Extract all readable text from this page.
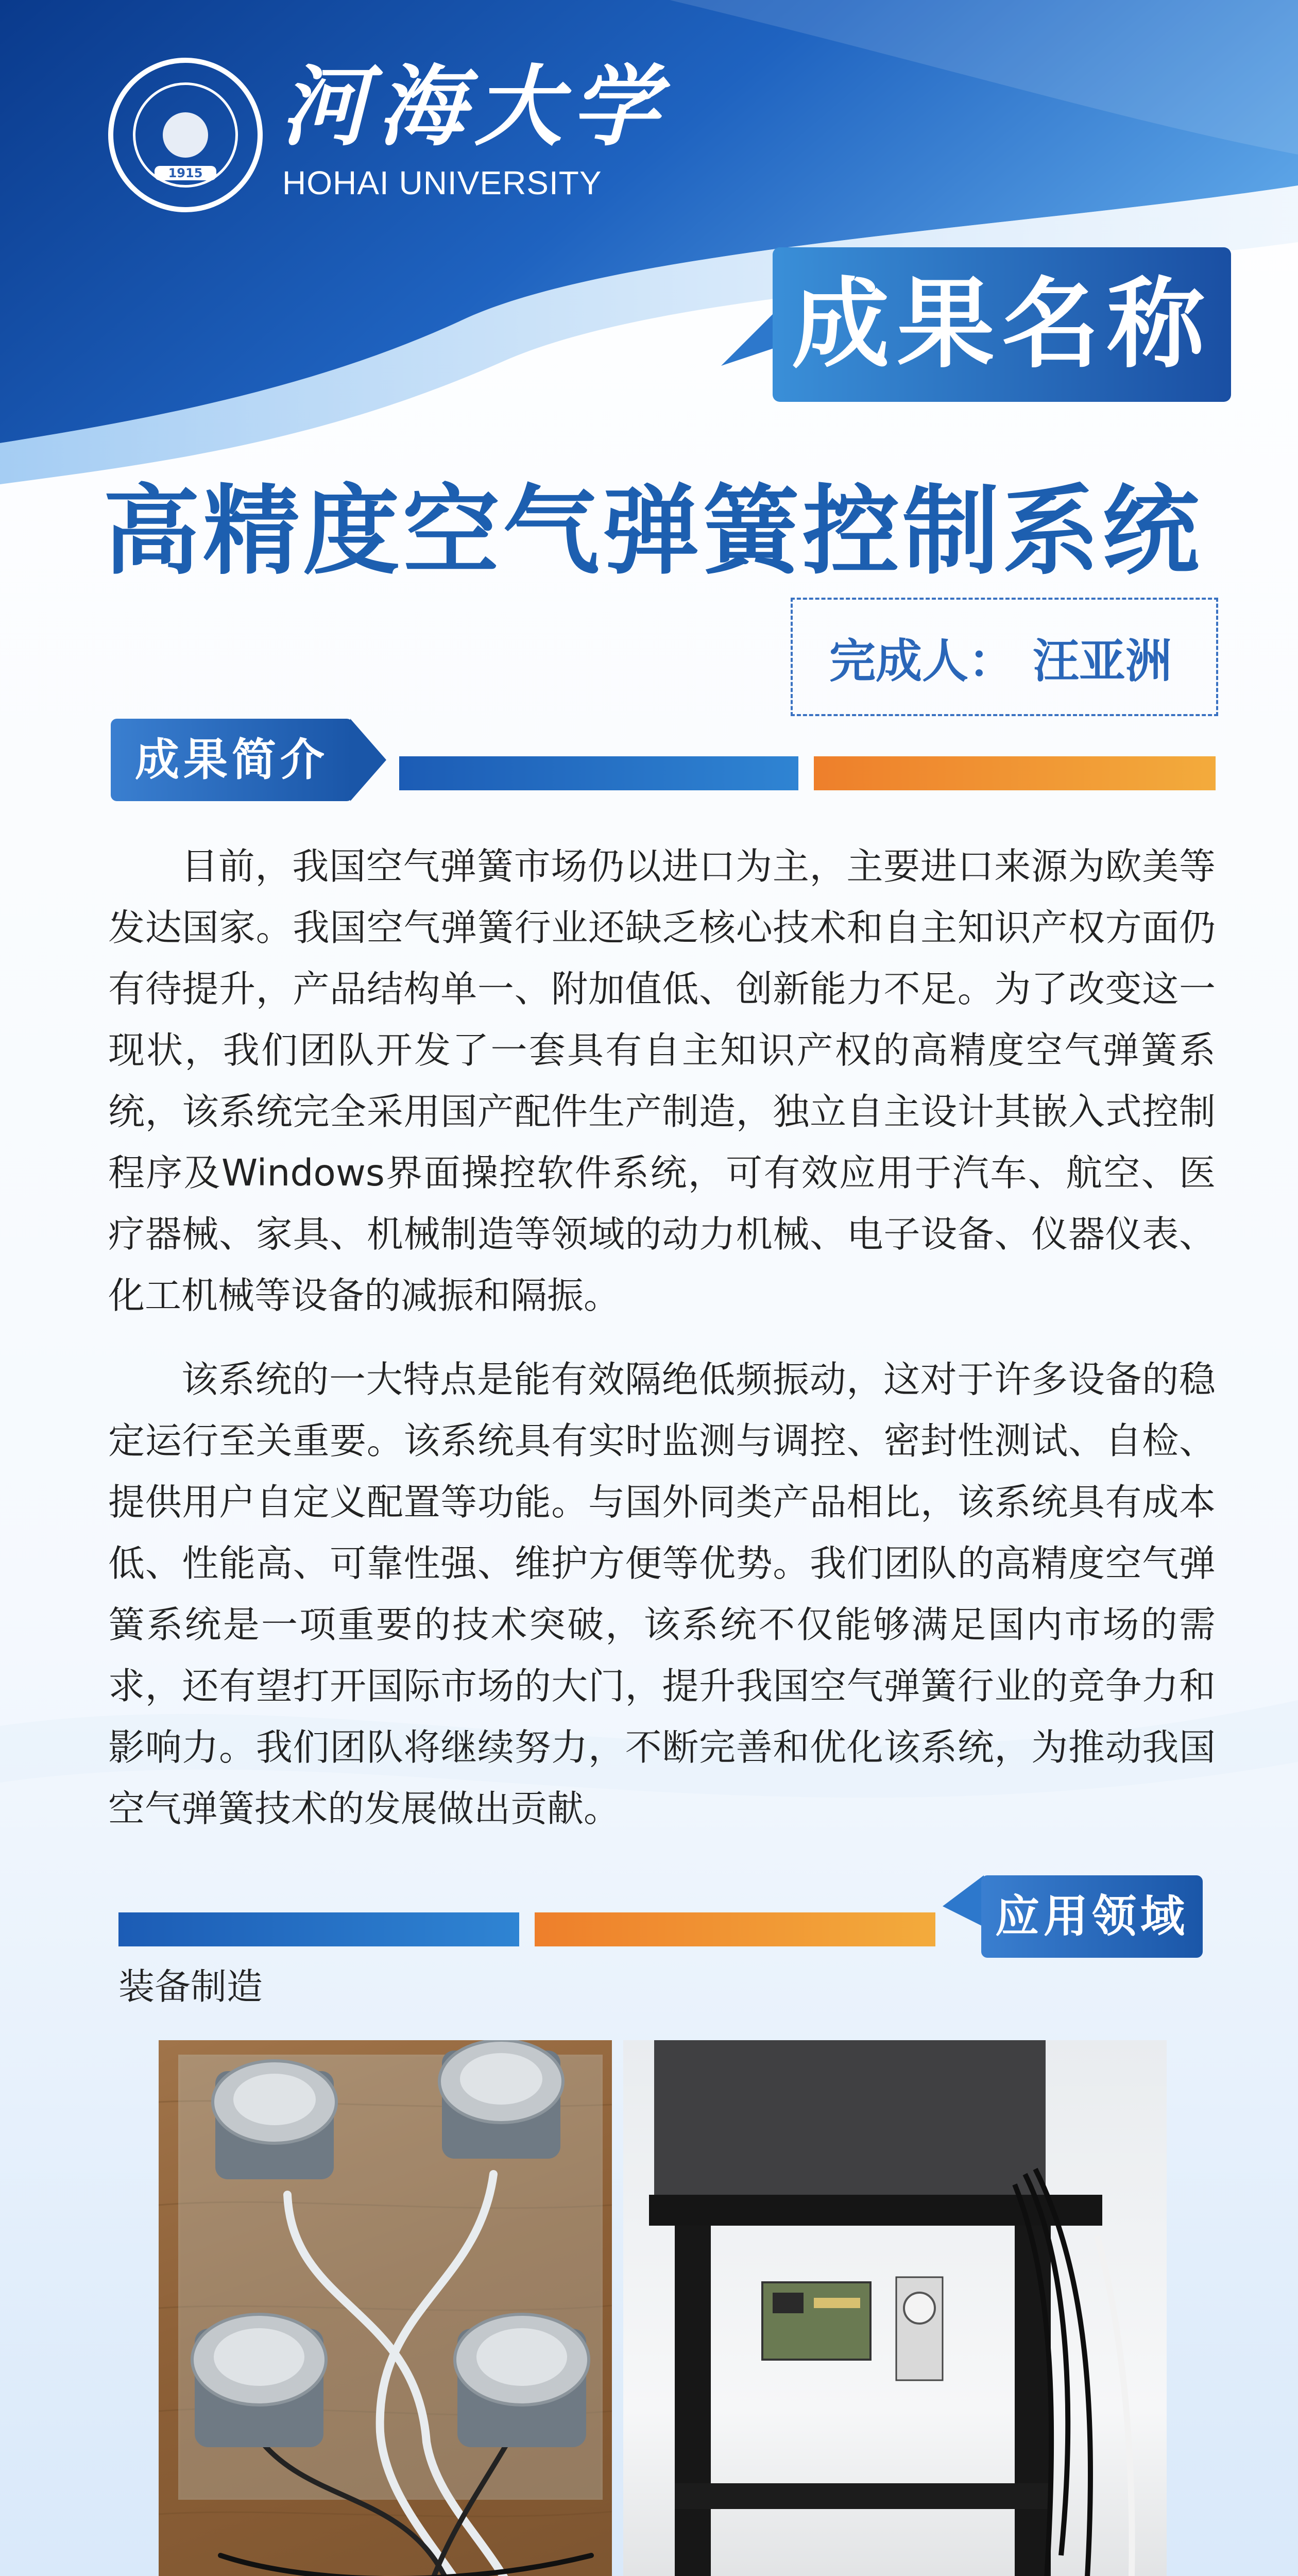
1915
河海大学
HOHAI UNIVERSITY
成果名称
高精度空气弹簧控制系统
完成人： 汪亚洲
成果简介

目前，我国空气弹簧市场仍以进口为主，主要进口来源为欧美等发达国家。我国空气弹簧行业还缺乏核心技术和自主知识产权方面仍有待提升，产品结构单一、附加值低、创新能力不足。为了改变这一现状，我们团队开发了一套具有自主知识产权的高精度空气弹簧系统，该系统完全采用国产配件生产制造，独立自主设计其嵌入式控制程序及Windows界面操控软件系统，可有效应用于汽车、航空、医疗器械、家具、机械制造等领域的动力机械、电子设备、仪器仪表、化工机械等设备的减振和隔振。

该系统的一大特点是能有效隔绝低频振动，这对于许多设备的稳定运行至关重要。该系统具有实时监测与调控、密封性测试、自检、提供用户自定义配置等功能。与国外同类产品相比，该系统具有成本低、性能高、可靠性强、维护方便等优势。我们团队的高精度空气弹簧系统是一项重要的技术突破，该系统不仅能够满足国内市场的需求，还有望打开国际市场的大门，提升我国空气弹簧行业的竞争力和影响力。我们团队将继续努力，不断完善和优化该系统，为推动我国空气弹簧技术的发展做出贡献。

应用领域
装备制造
